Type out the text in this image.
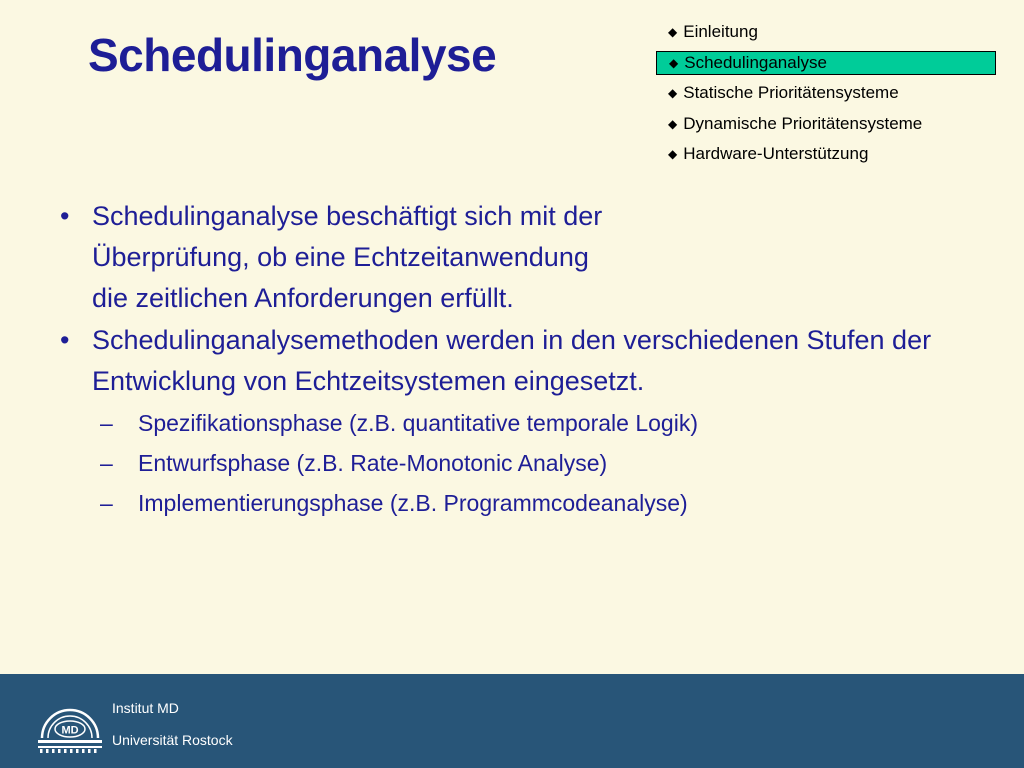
Schedulinganalyse	◆ Einleitung
◆ Schedulinganalyse
◆ Statische Prioritätensysteme
◆ Dynamische Prioritätensysteme
◆ Hardware-Unterstützung
• Schedulinganalyse beschäftigt sich mit der Überprüfung, ob eine Echtzeitanwendung die zeitlichen Anforderungen erfüllt.
• Schedulinganalysemethoden werden in den verschiedenen Stufen der Entwicklung von Echtzeitsystemen eingesetzt.
–	Spezifikationsphase (z.B. quantitative temporale Logik)
–	Entwurfsphase (z.B. Rate-Monotonic Analyse)
–	Implementierungsphase (z.B. Programmcodeanalyse)
MD
Institut MD
Universität Rostock
